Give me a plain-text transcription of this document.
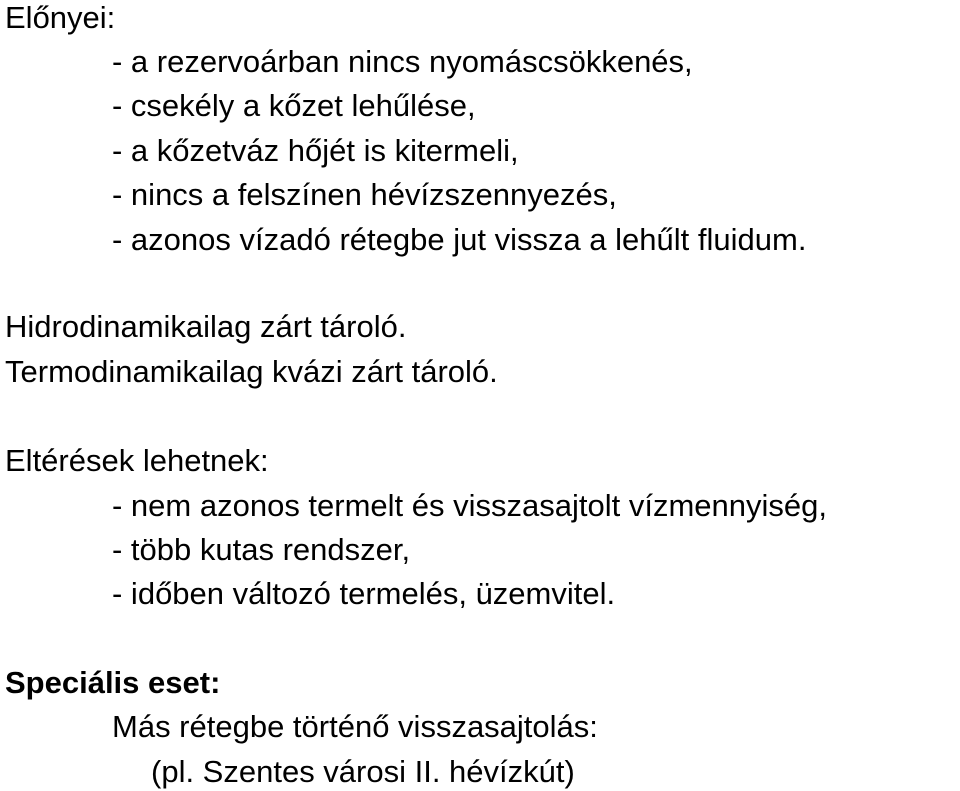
Előnyei:

- a rezervoárban nincs nyomáscsökkenés,

- csekély a kőzet lehűlése,

- a kőzetváz hőjét is kitermeli,

- nincs a felszínen hévízszennyezés,

- azonos vízadó rétegbe jut vissza a lehűlt fluidum.

Hidrodinamikailag zárt tároló.

Termodinamikailag kvázi zárt tároló.

Eltérések lehetnek:

- nem azonos termelt és visszasajtolt vízmennyiség,

- több kutas rendszer,

- időben változó termelés, üzemvitel.

Speciális eset:

Más rétegbe történő visszasajtolás:

(pl. Szentes városi II. hévízkút)
